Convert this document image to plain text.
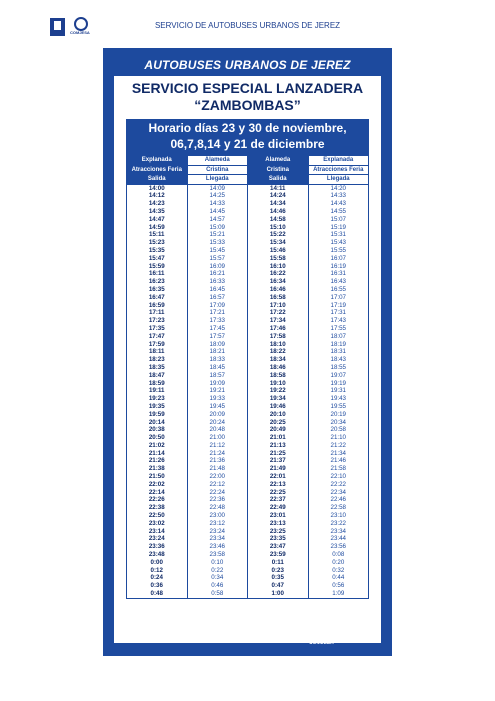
COMJESA
SERVICIO DE AUTOBUSES URBANOS DE JEREZ
AUTOBUSES URBANOS DE JEREZ
SERVICIO ESPECIAL LANZADERA
“ZAMBOMBAS”
Horario días 23 y 30 de noviembre,
06,7,8,14 y 21 de diciembre
Explanada	Alameda	Alameda	Explanada
Atracciones Feria	Cristina	Cristina	Atracciones Feria
Salida	Llegada	Salida	Llegada
14:00	14:09	14:11	14:20
14:12	14:25	14:24	14:33
14:23	14:33	14:34	14:43
14:35	14:45	14:46	14:55
14:47	14:57	14:58	15:07
14:59	15:09	15:10	15:19
15:11	15:21	15:22	15:31
15:23	15:33	15:34	15:43
15:35	15:45	15:46	15:55
15:47	15:57	15:58	16:07
15:59	16:09	16:10	16:19
16:11	16:21	16:22	16:31
16:23	16:33	16:34	16:43
16:35	16:45	16:46	16:55
16:47	16:57	16:58	17:07
16:59	17:09	17:10	17:19
17:11	17:21	17:22	17:31
17:23	17:33	17:34	17:43
17:35	17:45	17:46	17:55
17:47	17:57	17:58	18:07
17:59	18:09	18:10	18:19
18:11	18:21	18:22	18:31
18:23	18:33	18:34	18:43
18:35	18:45	18:46	18:55
18:47	18:57	18:58	19:07
18:59	19:09	19:10	19:19
19:11	19:21	19:22	19:31
19:23	19:33	19:34	19:43
19:35	19:45	19:46	19:55
19:59	20:09	20:10	20:19
20:14	20:24	20:25	20:34
20:38	20:48	20:49	20:58
20:50	21:00	21:01	21:10
21:02	21:12	21:13	21:22
21:14	21:24	21:25	21:34
21:26	21:36	21:37	21:46
21:38	21:48	21:49	21:58
21:50	22:00	22:01	22:10
22:02	22:12	22:13	22:22
22:14	22:24	22:25	22:34
22:26	22:36	22:37	22:46
22:38	22:48	22:49	22:58
22:50	23:00	23:01	23:10
23:02	23:12	23:13	23:22
23:14	23:24	23:25	23:34
23:24	23:34	23:35	23:44
23:36	23:46	23:47	23:56
23:48	23:58	23:59	0:08
0:00	0:10	0:11	0:20
0:12	0:22	0:23	0:32
0:24	0:34	0:35	0:44
0:36	0:46	0:47	0:56
0:48	0:58	1:00	1:09
DIO
Ayuntamiento
de Jerez
COMJESA
